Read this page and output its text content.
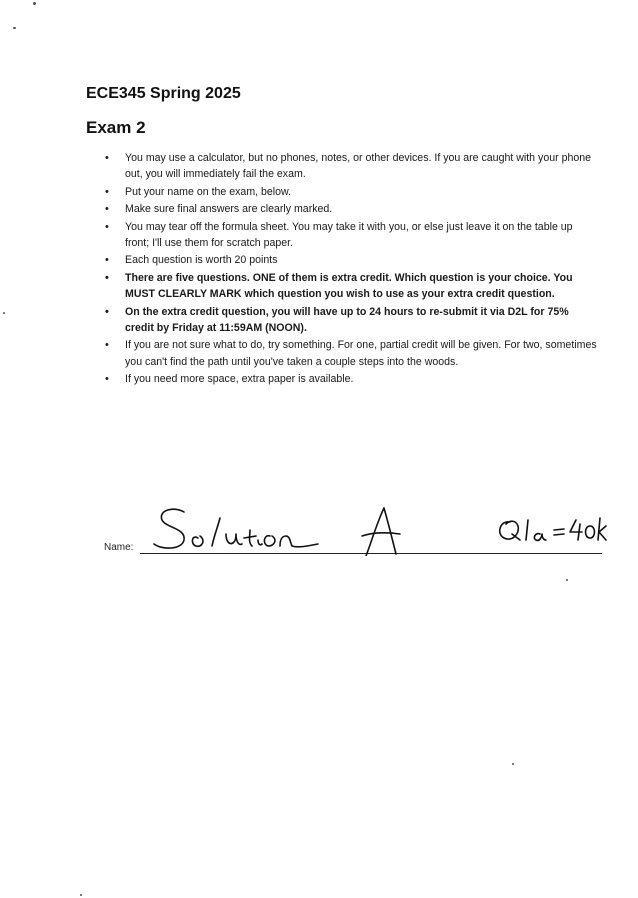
ECE345 Spring 2025
Exam 2
• You may use a calculator, but no phones, notes, or other devices. If you are caught with your phone out, you will immediately fail the exam.
• Put your name on the exam, below.
• Make sure final answers are clearly marked.
• You may tear off the formula sheet. You may take it with you, or else just leave it on the table up front; I'll use them for scratch paper.
• Each question is worth 20 points
• There are five questions. ONE of them is extra credit. Which question is your choice. You MUST CLEARLY MARK which question you wish to use as your extra credit question.
• On the extra credit question, you will have up to 24 hours to re-submit it via D2L for 75% credit by Friday at 11:59AM (NOON).
• If you are not sure what to do, try something. For one, partial credit will be given. For two, sometimes you can't find the path until you've taken a couple steps into the woods.
• If you need more space, extra paper is available.
Name:
